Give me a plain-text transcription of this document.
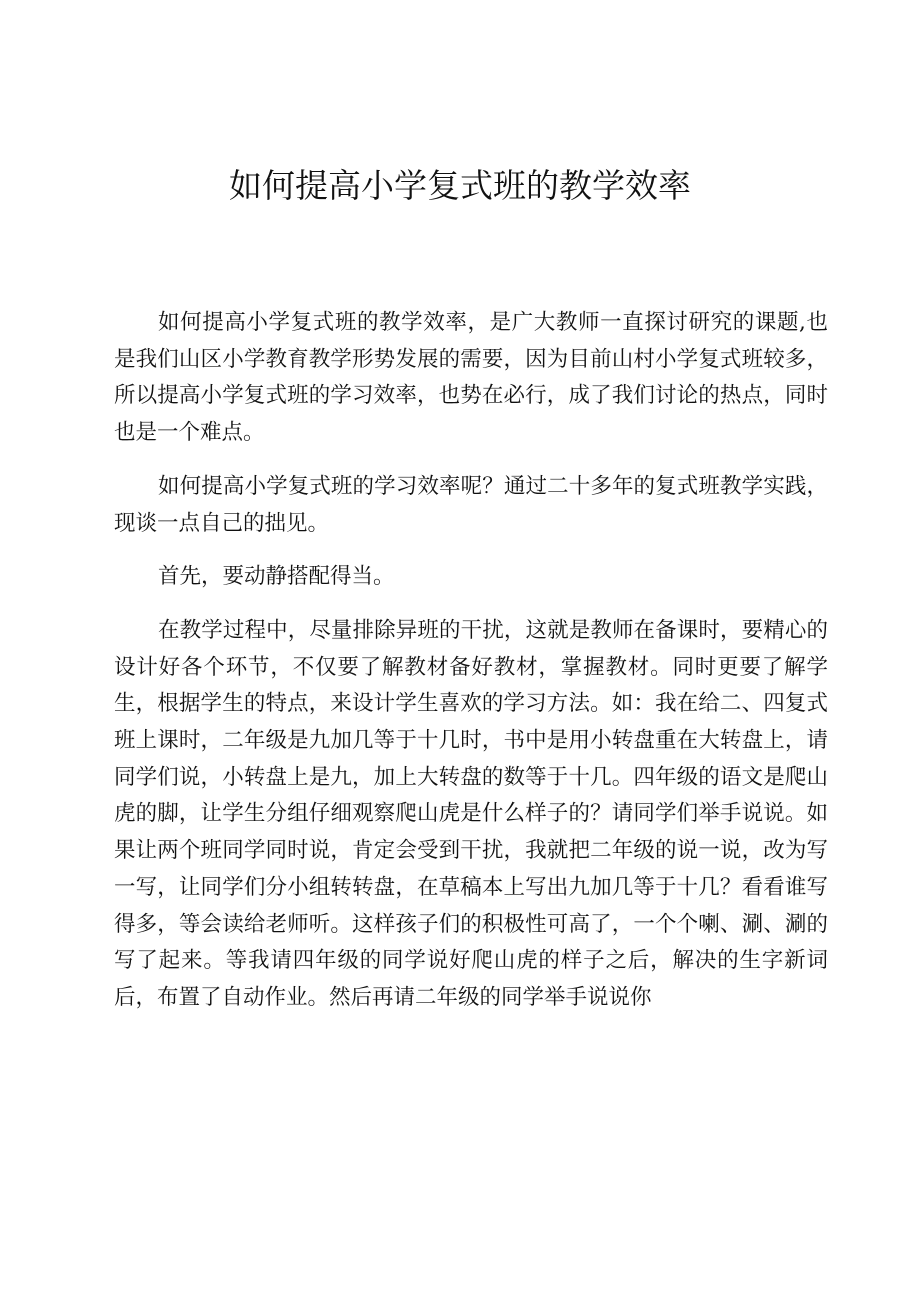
如何提高小学复式班的教学效率

如何提高小学复式班的教学效率，是广大教师一直探讨研究的课题,也是我们山区小学教育教学形势发展的需要，因为目前山村小学复式班较多，所以提高小学复式班的学习效率，也势在必行，成了我们讨论的热点，同时也是一个难点。

如何提高小学复式班的学习效率呢？通过二十多年的复式班教学实践，现谈一点自己的拙见。

首先，要动静搭配得当。

在教学过程中，尽量排除异班的干扰，这就是教师在备课时，要精心的设计好各个环节，不仅要了解教材备好教材，掌握教材。同时更要了解学生，根据学生的特点，来设计学生喜欢的学习方法。如：我在给二、四复式班上课时，二年级是九加几等于十几时，书中是用小转盘重在大转盘上，请同学们说，小转盘上是九，加上大转盘的数等于十几。四年级的语文是爬山虎的脚，让学生分组仔细观察爬山虎是什么样子的？请同学们举手说说。如果让两个班同学同时说，肯定会受到干扰，我就把二年级的说一说，改为写一写，让同学们分小组转转盘，在草稿本上写出九加几等于十几？看看谁写得多，等会读给老师听。这样孩子们的积极性可高了，一个个喇、涮、涮的写了起来。等我请四年级的同学说好爬山虎的样子之后，解决的生字新词后，布置了自动作业。然后再请二年级的同学举手说说你
